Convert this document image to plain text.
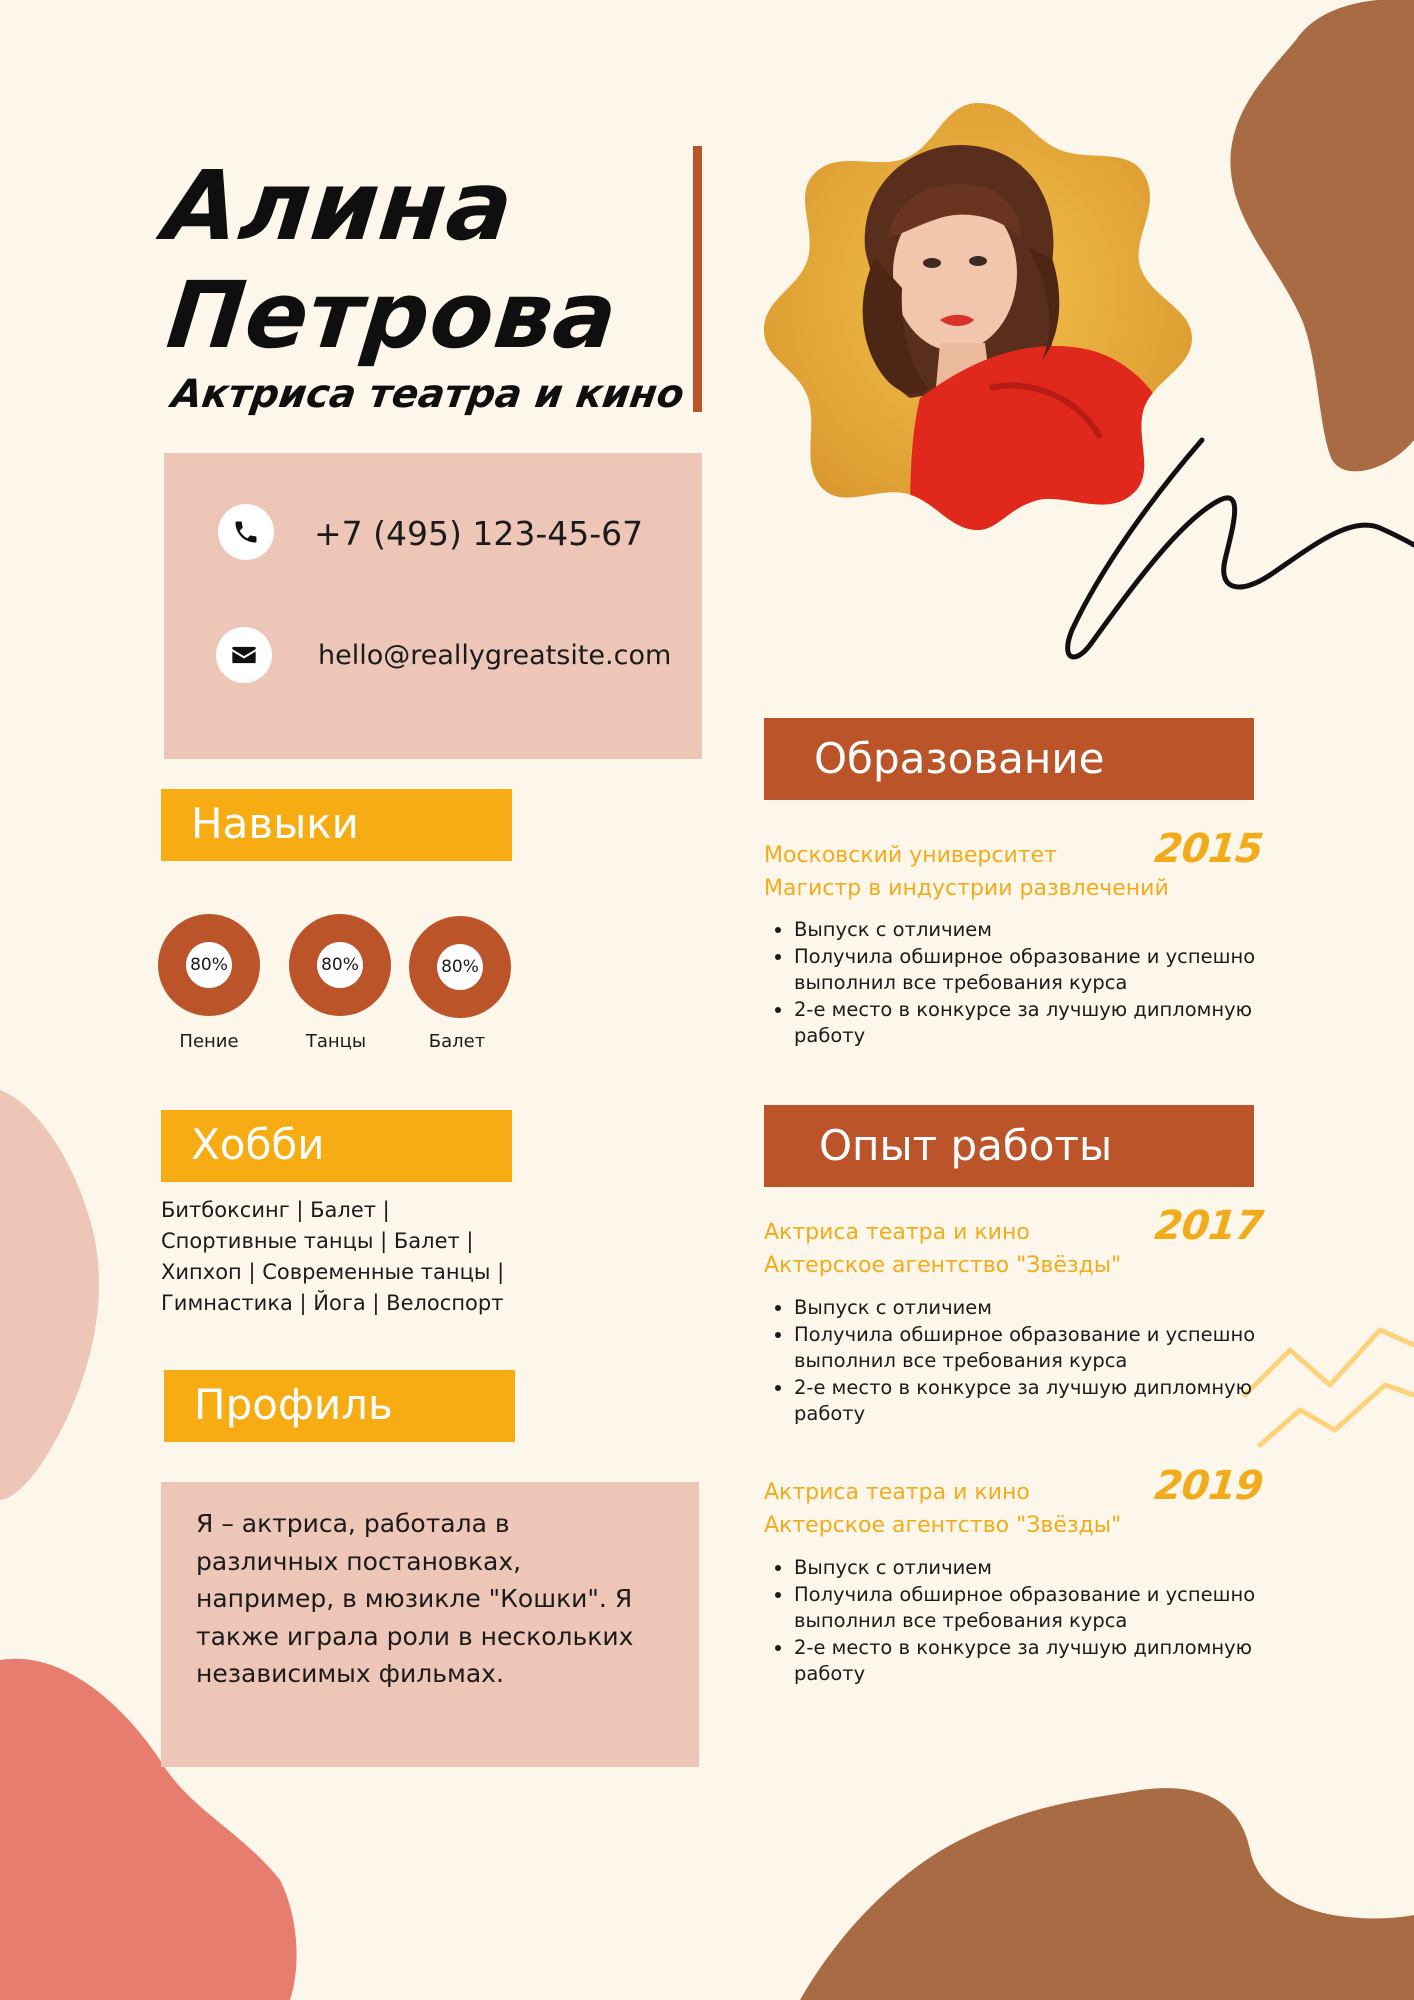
Алина
Петрова
Актриса театра и кино
+7 (495) 123-45-67
hello@reallygreatsite.com
Навыки
80%
Пение
80%
Танцы
80%
Балет
Хобби
Битбоксинг | Балет | Спортивные танцы | Балет | Хипхоп | Современные танцы | Гимнастика | Йога | Велоспорт
Профиль
Я – актриса, работала в различных постановках, например, в мюзикле "Кошки". Я также играла роли в нескольких независимых фильмах.
Образование
Московский университет
Магистр в индустрии развлечений
2015
• Выпуск с отличием
• Получила обширное образование и успешно выполнил все требования курса
• 2-е место в конкурсе за лучшую дипломную работу
Опыт работы
Актриса театра и кино
Актерское агентство "Звёзды"
2017
• Выпуск с отличием
• Получила обширное образование и успешно выполнил все требования курса
• 2-е место в конкурсе за лучшую дипломную работу
Актриса театра и кино
Актерское агентство "Звёзды"
2019
• Выпуск с отличием
• Получила обширное образование и успешно выполнил все требования курса
• 2-е место в конкурсе за лучшую дипломную работу
